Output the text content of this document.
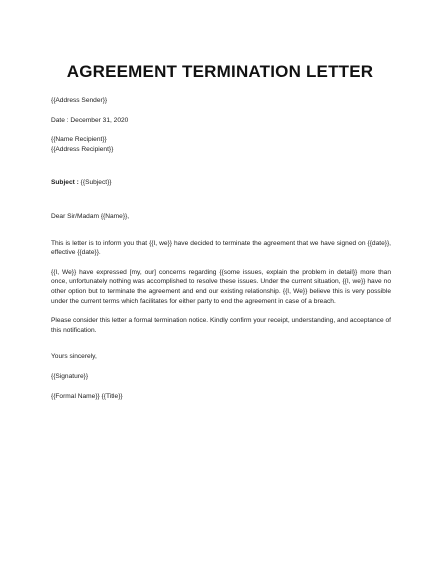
AGREEMENT TERMINATION LETTER

{{Address Sender}}

Date : December 31, 2020

{{Name Recipient}}

{{Address Recipient}}

Subject : {{Subject}}

Dear Sir/Madam {{Name}},

This is letter is to inform you that {{I, we}} have decided to terminate the agreement that we have signed on {{date}}, effective {{date}}.

{{I, We}} have expressed [my, our] concerns regarding {{some issues, explain the problem in detail}} more than once, unfortunately nothing was accomplished to resolve these issues. Under the current situation, {{I, we}} have no other option but to terminate the agreement and end our existing relationship. {{I, We}} believe this is very possible under the current terms which facilitates for either party to end the agreement in case of a breach.

Please consider this letter a formal termination notice. Kindly confirm your receipt, understanding, and acceptance of this notification.

Yours sincerely,

{{Signature}}

{{Formal Name}} {{Title}}
